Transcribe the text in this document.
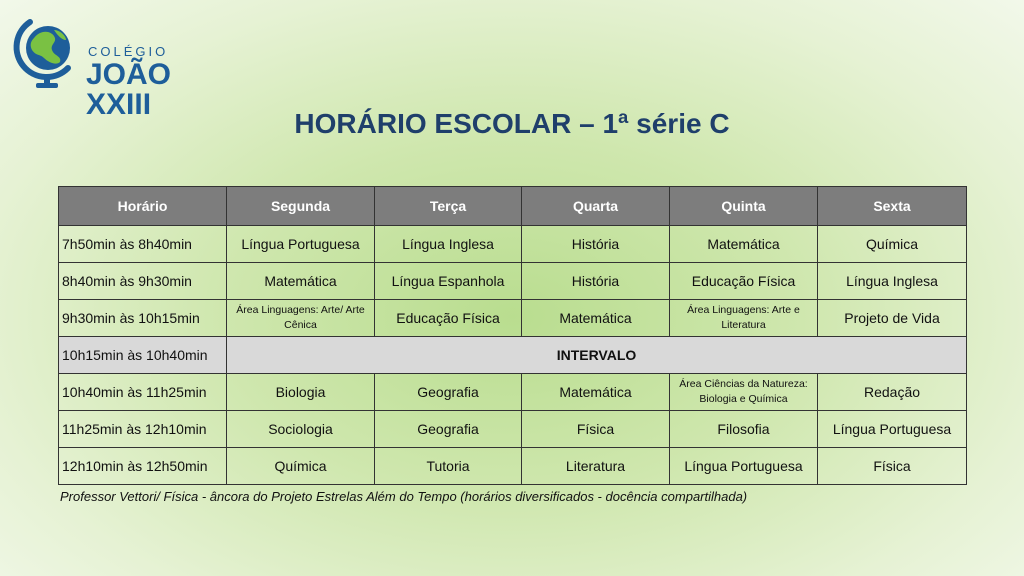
COLÉGIO
JOÃO XXIII
HORÁRIO ESCOLAR – 1ª série C
Horário	Segunda	Terça	Quarta	Quinta	Sexta
7h50min às 8h40min	Língua Portuguesa	Língua Inglesa	História	Matemática	Química
8h40min às 9h30min	Matemática	Língua Espanhola	História	Educação Física	Língua Inglesa
9h30min às 10h15min	Área Linguagens: Arte/ Arte Cênica	Educação Física	Matemática	Área Linguagens: Arte e Literatura	Projeto de Vida
10h15min às 10h40min	INTERVALO				
10h40min às 11h25min	Biologia	Geografia	Matemática	Área Ciências da Natureza: Biologia e Química	Redação
11h25min às 12h10min	Sociologia	Geografia	Física	Filosofia	Língua Portuguesa
12h10min às 12h50min	Química	Tutoria	Literatura	Língua Portuguesa	Física
Professor Vettori/ Física - âncora do Projeto Estrelas Além do Tempo (horários diversificados - docência compartilhada)
